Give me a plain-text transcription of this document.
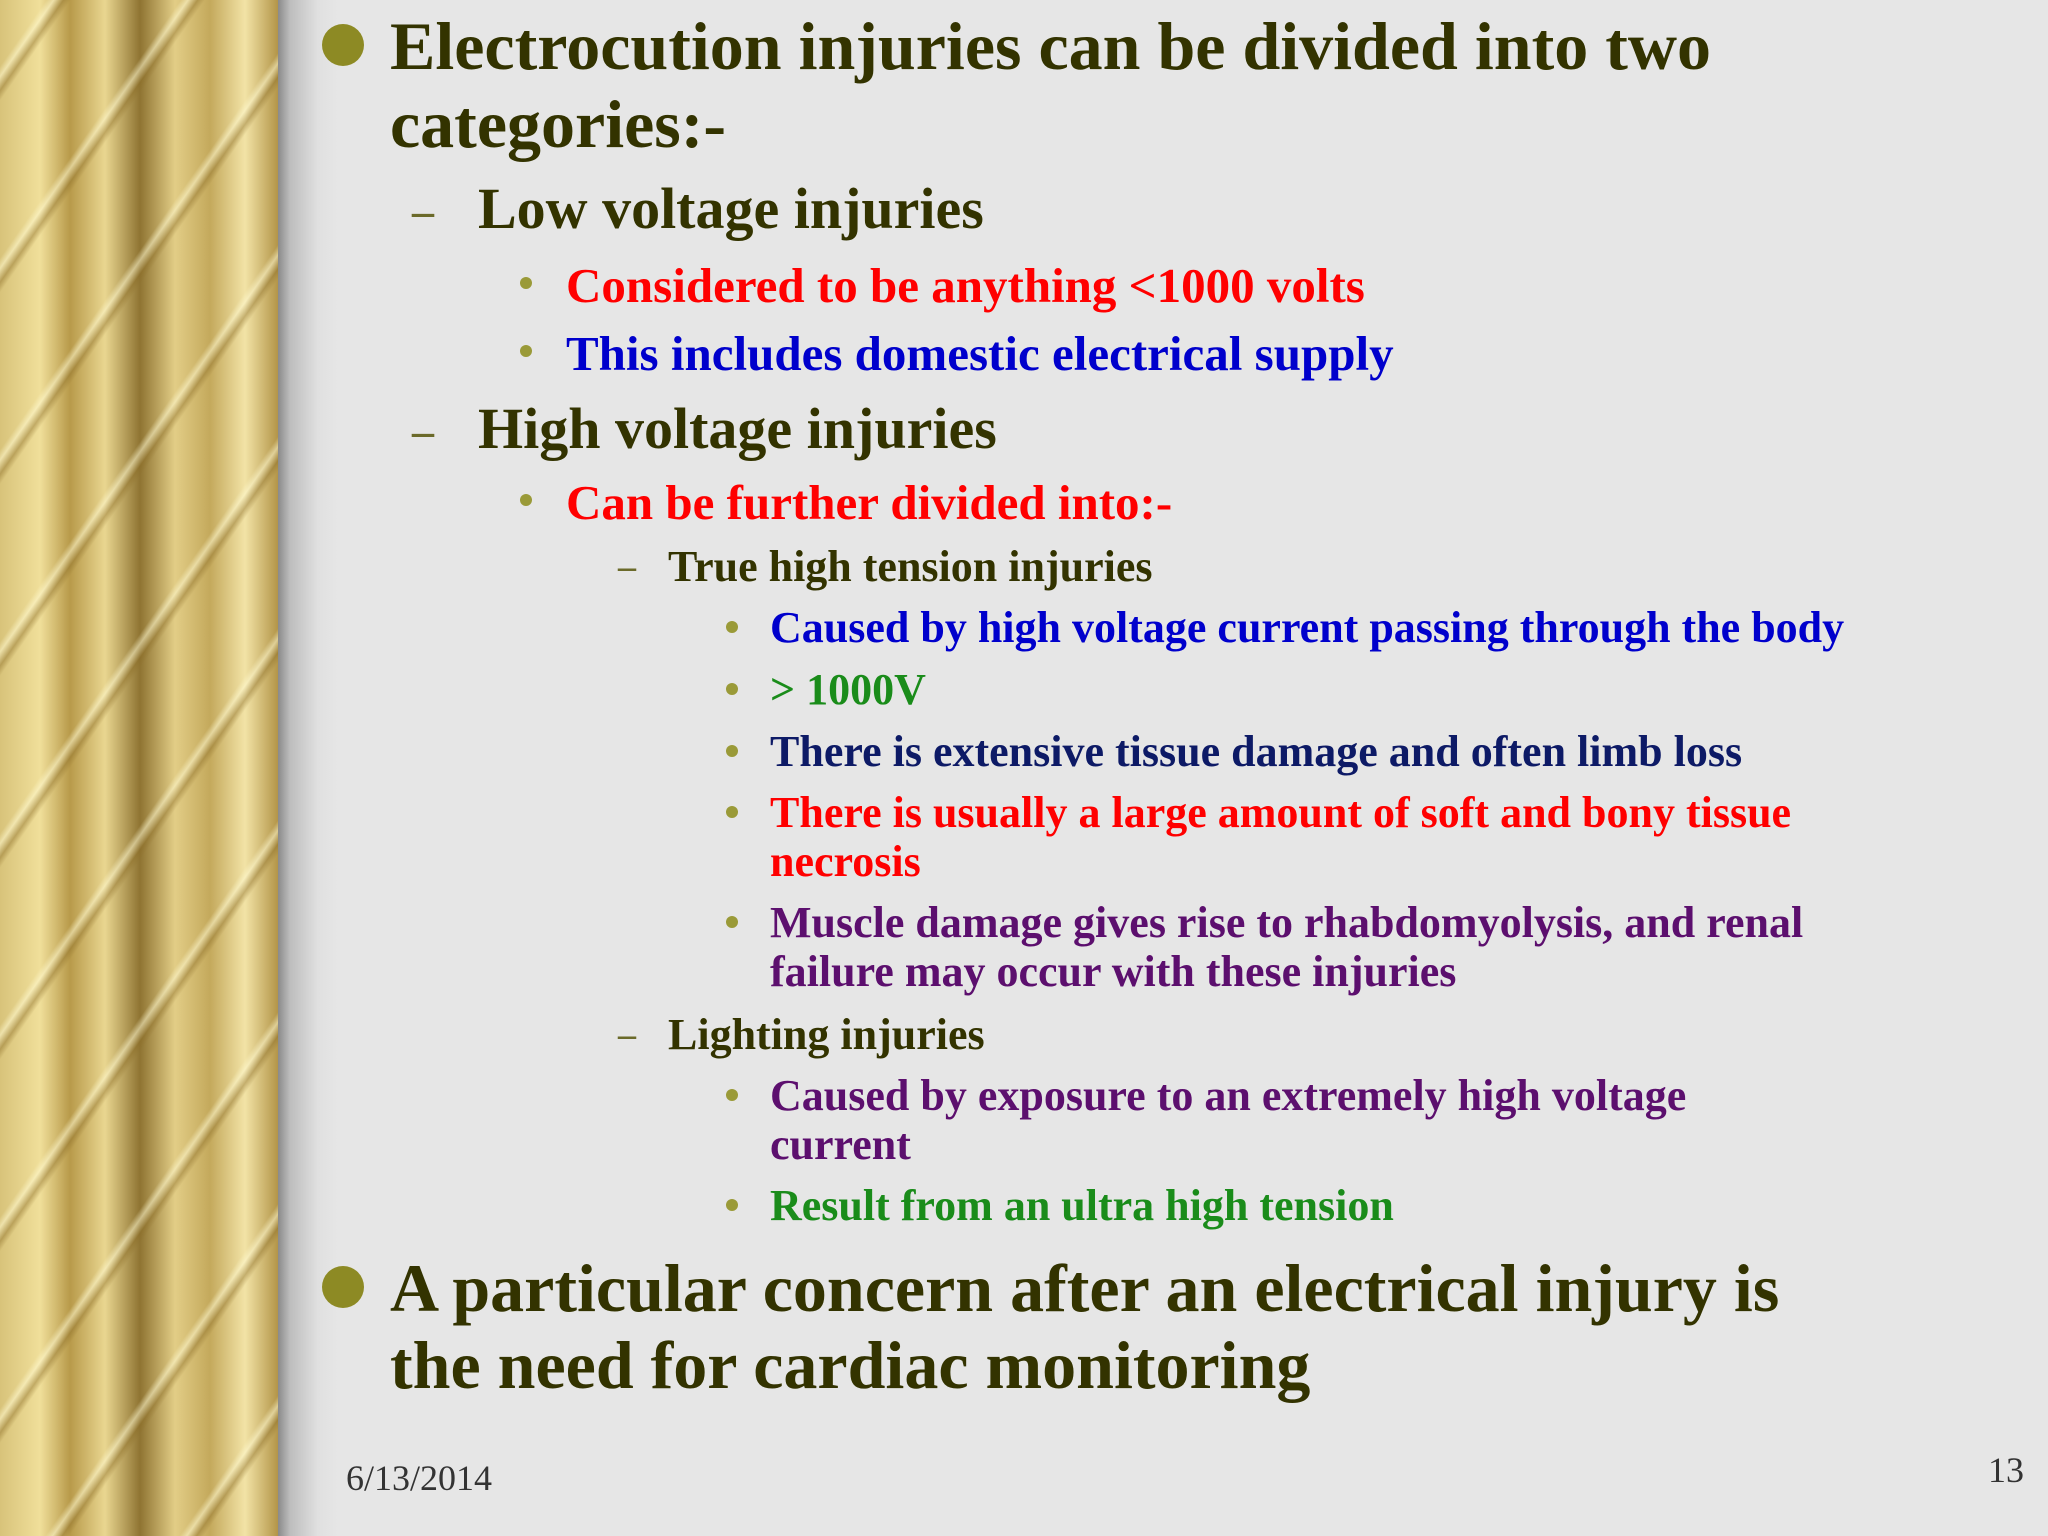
Electrocution injuries can be divided into two
categories:-
– Low voltage injuries
Considered to be anything <1000 volts
This includes domestic electrical supply
– High voltage injuries
Can be further divided into:-
– True high tension injuries
Caused by high voltage current passing through the body
> 1000V
There is extensive tissue damage and often limb loss
There is usually a large amount of soft and bony tissue
necrosis
Muscle damage gives rise to rhabdomyolysis, and renal
failure may occur with these injuries
– Lighting injuries
Caused by exposure to an extremely high voltage
current
Result from an ultra high tension
A particular concern after an electrical injury is
the need for cardiac monitoring
6/13/2014	13
